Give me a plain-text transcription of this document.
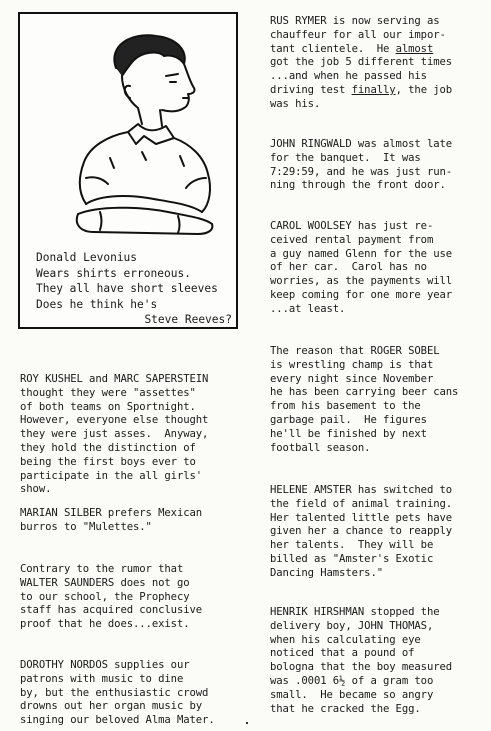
Donald Levonius
Wears shirts erroneous.
They all have short sleeves
Does he think he's
Steve Reeves?
ROY KUSHEL and MARC SAPERSTEIN
thought they were "assettes"
of both teams on Sportnight.
However, everyone else thought
they were just asses.  Anyway,
they hold the distinction of
being the first boys ever to
participate in the all girls'
show.
MARIAN SILBER prefers Mexican
burros to "Mulettes."
Contrary to the rumor that
WALTER SAUNDERS does not go
to our school, the Prophecy
staff has acquired conclusive
proof that he does...exist.
DOROTHY NORDOS supplies our
patrons with music to dine
by, but the enthusiastic crowd
drowns out her organ music by
singing our beloved Alma Mater.
RUS RYMER is now serving as
chauffeur for all our impor-
tant clientele.  He almost
got the job 5 different times
...and when he passed his
driving test finally, the job
was his.
JOHN RINGWALD was almost late
for the banquet.  It was
7:29:59, and he was just run-
ning through the front door.
CAROL WOOLSEY has just re-
ceived rental payment from
a guy named Glenn for the use
of her car.  Carol has no
worries, as the payments will
keep coming for one more year
...at least.
The reason that ROGER SOBEL
is wrestling champ is that
every night since November
he has been carrying beer cans
from his basement to the
garbage pail.  He figures
he'll be finished by next
football season.
HELENE AMSTER has switched to
the field of animal training.
Her talented little pets have
given her a chance to reapply
her talents.  They will be
billed as "Amster's Exotic
Dancing Hamsters."
HENRIK HIRSHMAN stopped the
delivery boy, JOHN THOMAS,
when his calculating eye
noticed that a pound of
bologna that the boy measured
was .0001 6½ of a gram too
small.  He became so angry
that he cracked the Egg.
